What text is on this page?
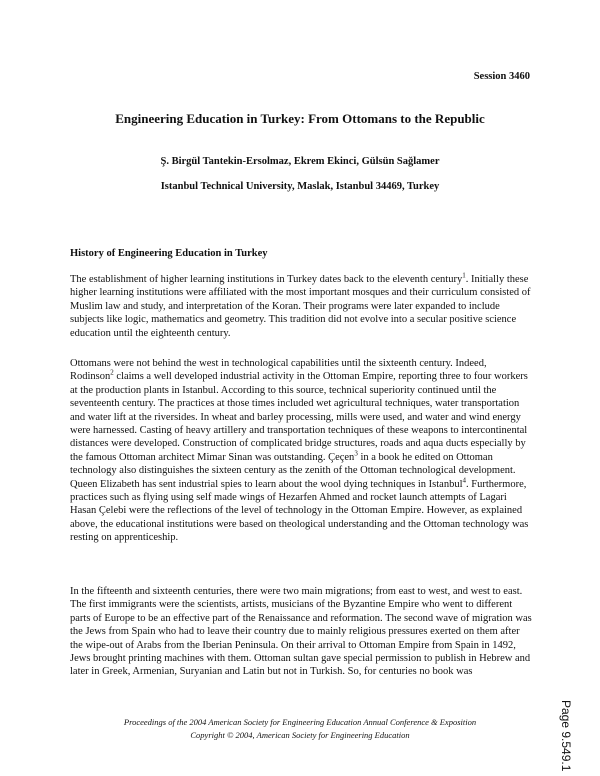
Session 3460
Engineering Education in Turkey: From Ottomans to the Republic
Ş. Birgül Tantekin-Ersolmaz, Ekrem Ekinci, Gülsün Sağlamer
Istanbul Technical University, Maslak, Istanbul 34469, Turkey
History of Engineering Education in Turkey

The establishment of higher learning institutions in Turkey dates back to the eleventh century$^1$. Initially these higher learning institutions were affiliated with the most important mosques and their curriculum consisted of Muslim law and study, and interpretation of the Koran. Their programs were later expanded to include subjects like logic, mathematics and geometry. This tradition did not evolve into a secular positive science education until the eighteenth century.

Ottomans were not behind the west in technological capabilities until the sixteenth century. Indeed, Rodinson$^2$ claims a well developed industrial activity in the Ottoman Empire, reporting three to four workers at the production plants in Istanbul. According to this source, technical superiority continued until the seventeenth century. The practices at those times included wet agricultural techniques, water transportation and water lift at the riversides. In wheat and barley processing, mills were used, and water and wind energy were harnessed. Casting of heavy artillery and transportation techniques of these weapons to intercontinental distances were developed. Construction of complicated bridge structures, roads and aqua ducts especially by the famous Ottoman architect Mimar Sinan was outstanding. Çeçen$^3$ in a book he edited on Ottoman technology also distinguishes the sixteen century as the zenith of the Ottoman technological development. Queen Elizabeth has sent industrial spies to learn about the wool dying techniques in Istanbul$^4$. Furthermore, practices such as flying using self made wings of Hezarfen Ahmed and rocket launch attempts of Lagari Hasan Çelebi were the reflections of the level of technology in the Ottoman Empire. However, as explained above, the educational institutions were based on theological understanding and the Ottoman technology was resting on apprenticeship.

In the fifteenth and sixteenth centuries, there were two main migrations; from east to west, and west to east. The first immigrants were the scientists, artists, musicians of the Byzantine Empire who went to different parts of Europe to be an effective part of the Renaissance and reformation. The second wave of migration was the Jews from Spain who had to leave their country due to mainly religious pressures exerted on them after the wipe-out of Arabs from the Iberian Peninsula. On their arrival to Ottoman Empire from Spain in 1492, Jews brought printing machines with them. Ottoman sultan gave special permission to publish in Hebrew and later in Greek, Armenian, Suryanian and Latin but not in Turkish. So, for centuries no book was

Proceedings of the 2004 American Society for Engineering Education Annual Conference & Exposition
Copyright © 2004, American Society for Engineering Education	Page 9.549.1
